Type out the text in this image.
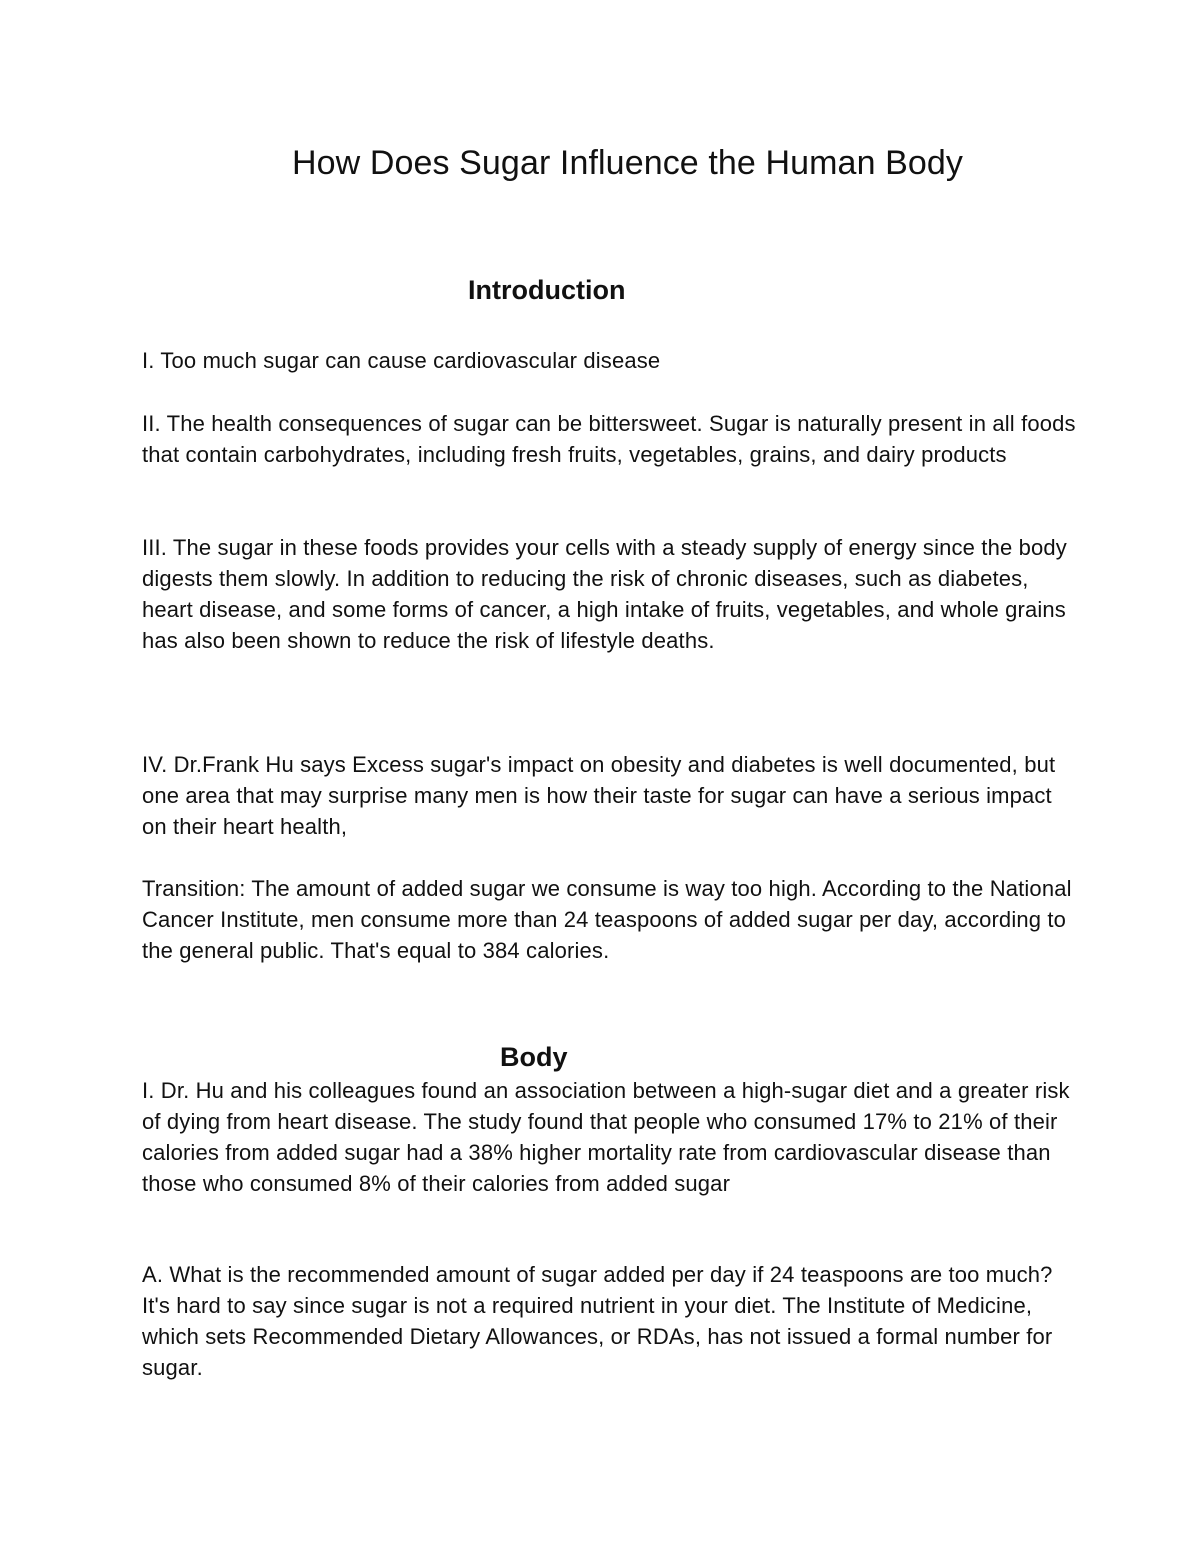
How Does Sugar Influence the Human Body
Introduction

I. Too much sugar can cause cardiovascular disease

II. The health consequences of sugar can be bittersweet. Sugar is naturally present in all foods that contain carbohydrates, including fresh fruits, vegetables, grains, and dairy products

III. The sugar in these foods provides your cells with a steady supply of energy since the body digests them slowly. In addition to reducing the risk of chronic diseases, such as diabetes, heart disease, and some forms of cancer, a high intake of fruits, vegetables, and whole grains has also been shown to reduce the risk of lifestyle deaths.

IV. Dr.Frank Hu says Excess sugar's impact on obesity and diabetes is well documented, but one area that may surprise many men is how their taste for sugar can have a serious impact on their heart health,

Transition: The amount of added sugar we consume is way too high. According to the National Cancer Institute, men consume more than 24 teaspoons of added sugar per day, according to the general public. That's equal to 384 calories.

Body

I. Dr. Hu and his colleagues found an association between a high-sugar diet and a greater risk of dying from heart disease. The study found that people who consumed 17% to 21% of their calories from added sugar had a 38% higher mortality rate from cardiovascular disease than those who consumed 8% of their calories from added sugar

A. What is the recommended amount of sugar added per day if 24 teaspoons are too much? It's hard to say since sugar is not a required nutrient in your diet. The Institute of Medicine, which sets Recommended Dietary Allowances, or RDAs, has not issued a formal number for sugar.
